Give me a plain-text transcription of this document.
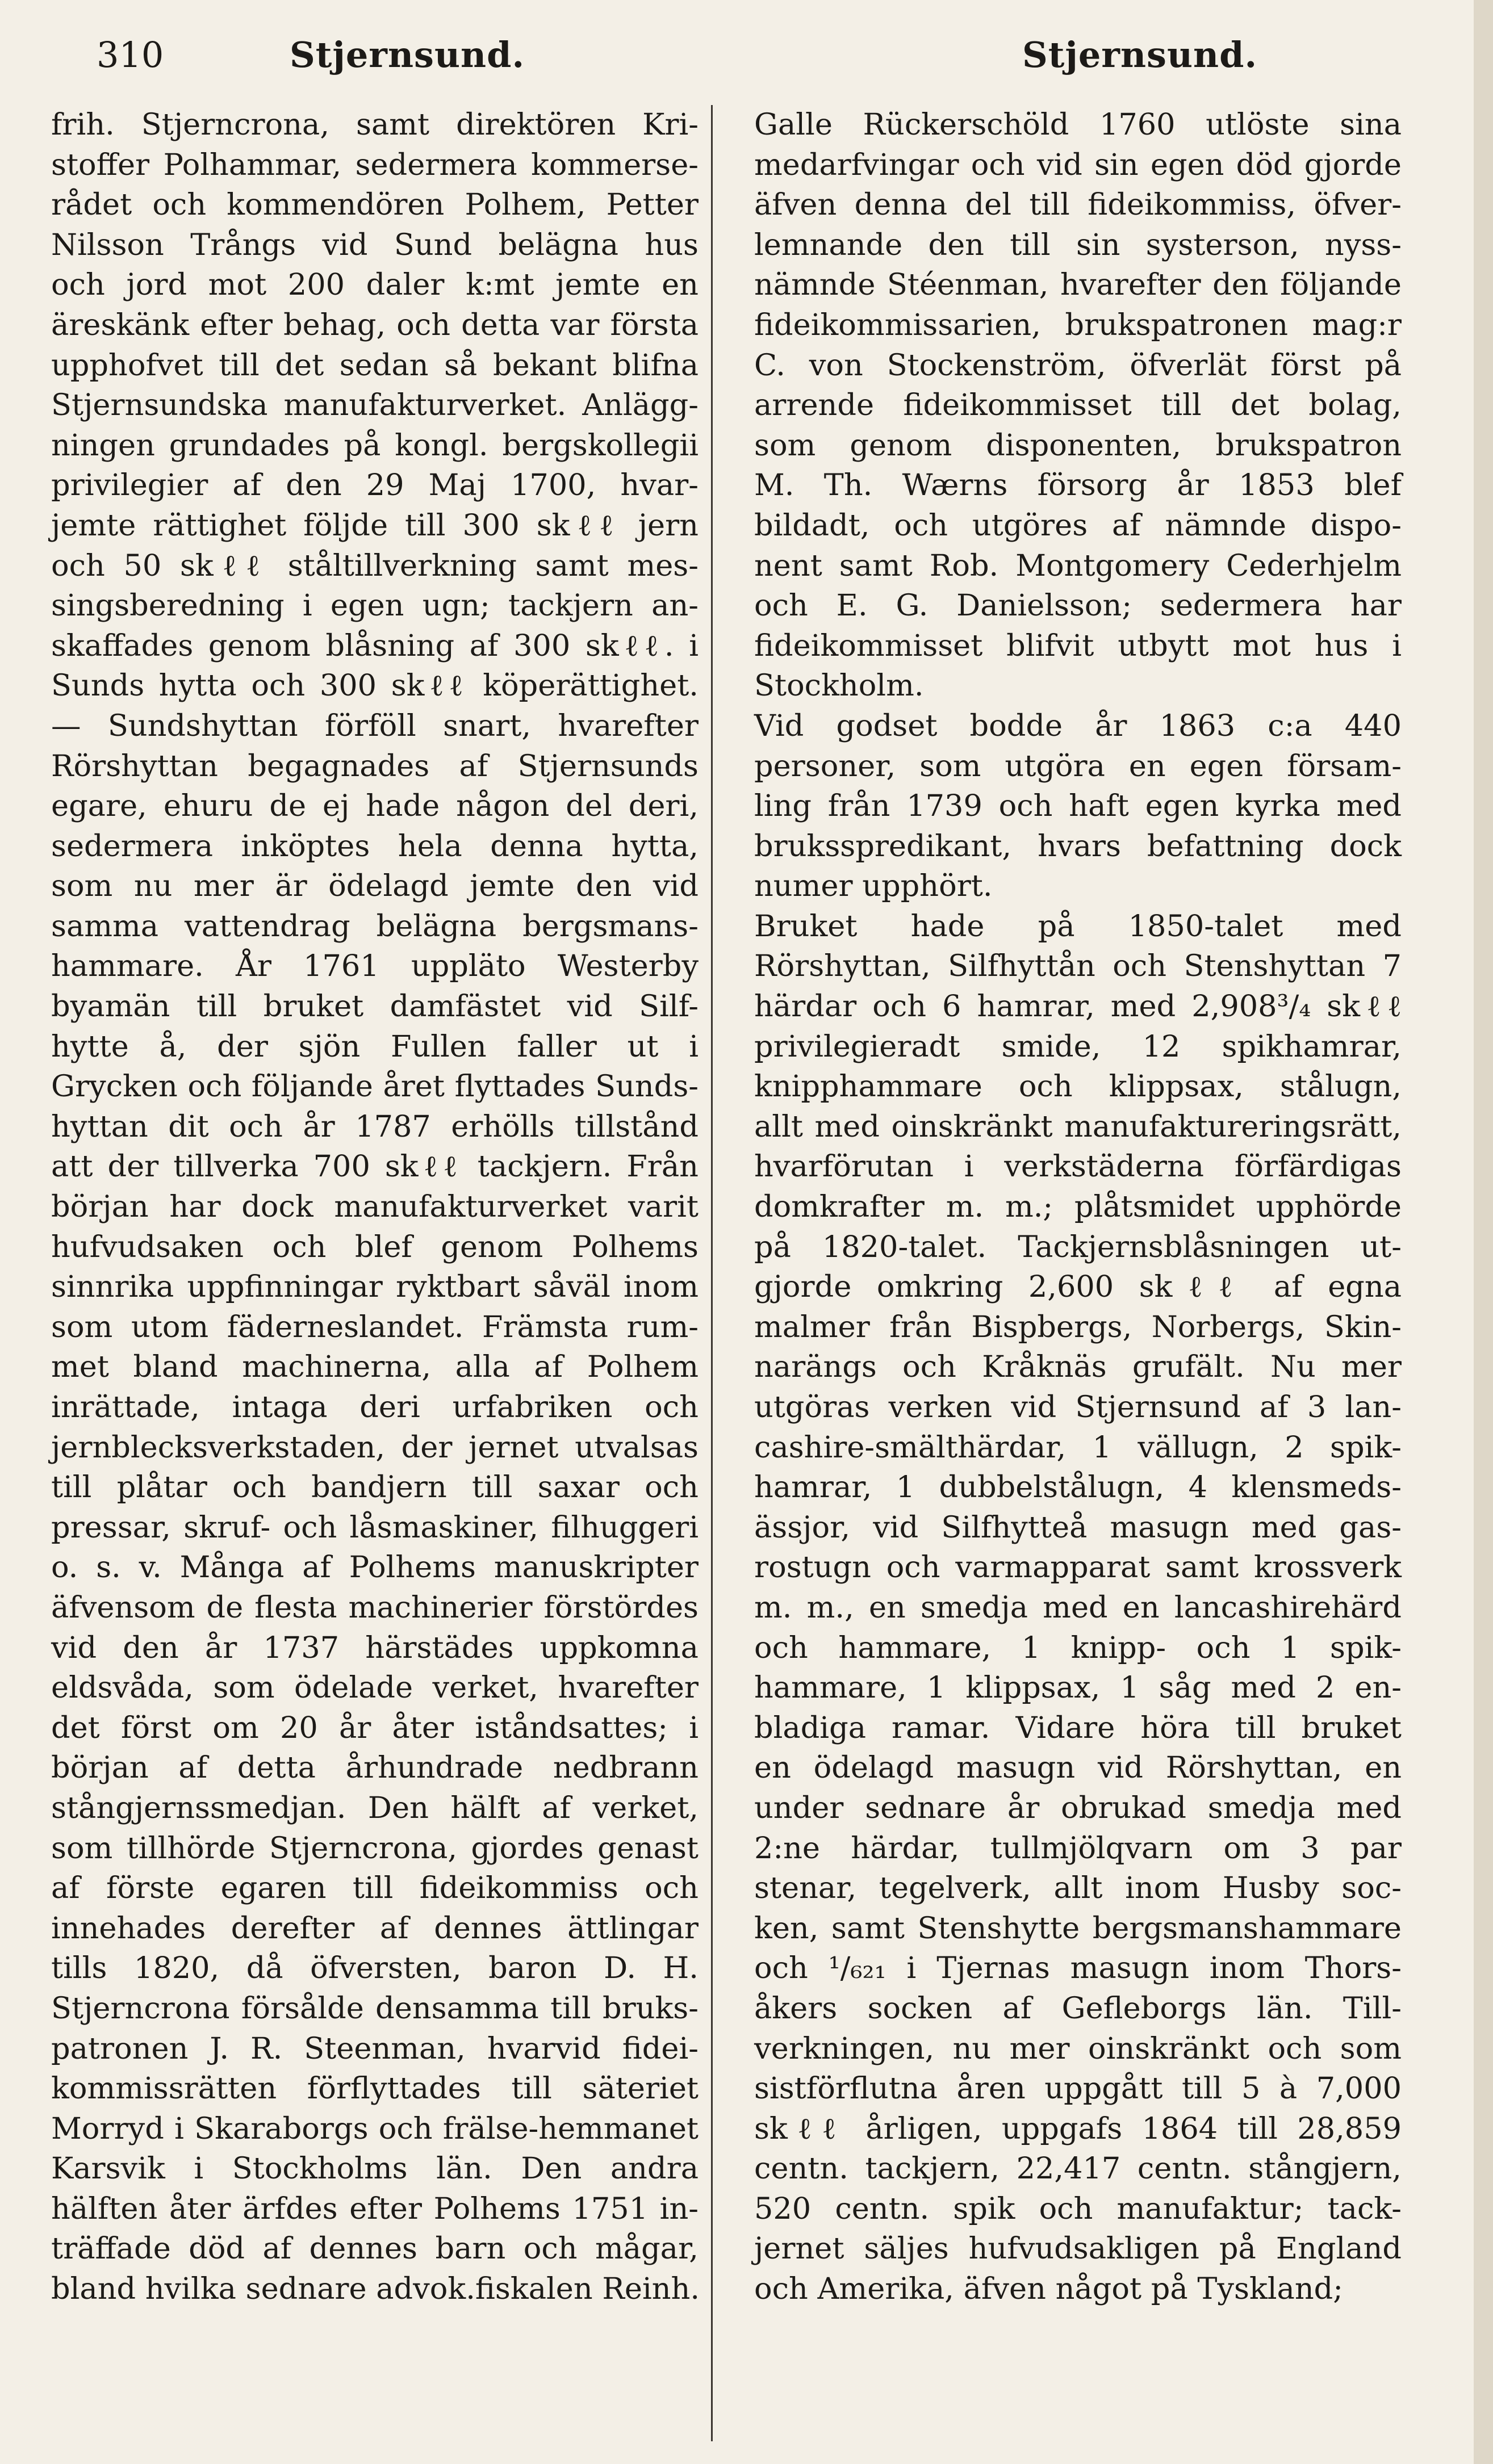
310	Stjernsund.	Stjernsund.
frih. Stjerncrona, samt direktören Kri-
stoffer Polhammar, sedermera kommerse-
rådet och kommendören Polhem, Petter
Nilsson Trångs vid Sund belägna hus
och jord mot 200 daler k:mt jemte en
äreskänk efter behag, och detta var första
upphofvet till det sedan så bekant blifna
Stjernsundska manufakturverket. Anlägg-
ningen grundades på kongl. bergskollegii
privilegier af den 29 Maj 1700, hvar-
jemte rättighet följde till 300 skℓℓ jern
och 50 skℓℓ ståltillverkning samt mes-
singsberedning i egen ugn; tackjern an-
skaffades genom blåsning af 300 skℓℓ. i
Sunds hytta och 300 skℓℓ köperättighet.
— Sundshyttan förföll snart, hvarefter
Rörshyttan begagnades af Stjernsunds
egare, ehuru de ej hade någon del deri,
sedermera inköptes hela denna hytta,
som nu mer är ödelagd jemte den vid
samma vattendrag belägna bergsmans-
hammare. År 1761 uppläto Westerby
byamän till bruket damfästet vid Silf-
hytte å, der sjön Fullen faller ut i
Grycken och följande året flyttades Sunds-
hyttan dit och år 1787 erhölls tillstånd
att der tillverka 700 skℓℓ tackjern. Från
början har dock manufakturverket varit
hufvudsaken och blef genom Polhems
sinnrika uppfinningar ryktbart såväl inom
som utom fäderneslandet. Främsta rum-
met bland machinerna, alla af Polhem
inrättade, intaga deri urfabriken och
jernblecksverkstaden, der jernet utvalsas
till plåtar och bandjern till saxar och
pressar, skruf- och låsmaskiner, filhuggeri
o. s. v. Många af Polhems manuskripter
äfvensom de flesta machinerier förstördes
vid den år 1737 härstädes uppkomna
eldsvåda, som ödelade verket, hvarefter
det först om 20 år åter iståndsattes; i
början af detta århundrade nedbrann
stångjernssmedjan. Den hälft af verket,
som tillhörde Stjerncrona, gjordes genast
af förste egaren till fideikommiss och
innehades derefter af dennes ättlingar
tills 1820, då öfversten, baron D. H.
Stjerncrona försålde densamma till bruks-
patronen J. R. Steenman, hvarvid fidei-
kommissrätten förflyttades till säteriet
Morryd i Skaraborgs och frälse-hemmanet
Karsvik i Stockholms län. Den andra
hälften åter ärfdes efter Polhems 1751 in-
träffade död af dennes barn och mågar,
bland hvilka sednare advok.fiskalen Reinh.
Galle Rückerschöld 1760 utlöste sina
medarfvingar och vid sin egen död gjorde
äfven denna del till fideikommiss, öfver-
lemnande den till sin systerson, nyss-
nämnde Stéenman, hvarefter den följande
fideikommissarien, brukspatronen mag:r
C. von Stockenström, öfverlät först på
arrende fideikommisset till det bolag,
som genom disponenten, brukspatron
M. Th. Wærns försorg år 1853 blef
bildadt, och utgöres af nämnde dispo-
nent samt Rob. Montgomery Cederhjelm
och E. G. Danielsson; sedermera har
fideikommisset blifvit utbytt mot hus i
Stockholm.
Vid godset bodde år 1863 c:a 440
personer, som utgöra en egen försam-
ling från 1739 och haft egen kyrka med
bruksspredikant, hvars befattning dock
numer upphört.
Bruket hade på 1850-talet med
Rörshyttan, Silfhyttån och Stenshyttan 7
härdar och 6 hamrar, med 2,908³/₄ skℓℓ
privilegieradt smide, 12 spikhamrar,
knipphammare och klippsax, stålugn,
allt med oinskränkt manufaktureringsrätt,
hvarförutan i verkstäderna förfärdigas
domkrafter m. m.; plåtsmidet upphörde
på 1820-talet. Tackjernsblåsningen ut-
gjorde omkring 2,600 skℓℓ af egna
malmer från Bispbergs, Norbergs, Skin-
narängs och Kråknäs grufält. Nu mer
utgöras verken vid Stjernsund af 3 lan-
cashire-smälthärdar, 1 vällugn, 2 spik-
hamrar, 1 dubbelstålugn, 4 klensmeds-
ässjor, vid Silfhytteå masugn med gas-
rostugn och varmapparat samt krossverk
m. m., en smedja med en lancashirehärd
och hammare, 1 knipp- och 1 spik-
hammare, 1 klippsax, 1 såg med 2 en-
bladiga ramar. Vidare höra till bruket
en ödelagd masugn vid Rörshyttan, en
under sednare år obrukad smedja med
2:ne härdar, tullmjölqvarn om 3 par
stenar, tegelverk, allt inom Husby soc-
ken, samt Stenshytte bergsmanshammare
och ¹/₆₂₁ i Tjernas masugn inom Thors-
åkers socken af Gefleborgs län. Till-
verkningen, nu mer oinskränkt och som
sistförflutna åren uppgått till 5 à 7,000
skℓℓ årligen, uppgafs 1864 till 28,859
centn. tackjern, 22,417 centn. stångjern,
520 centn. spik och manufaktur; tack-
jernet säljes hufvudsakligen på England
och Amerika, äfven något på Tyskland;
